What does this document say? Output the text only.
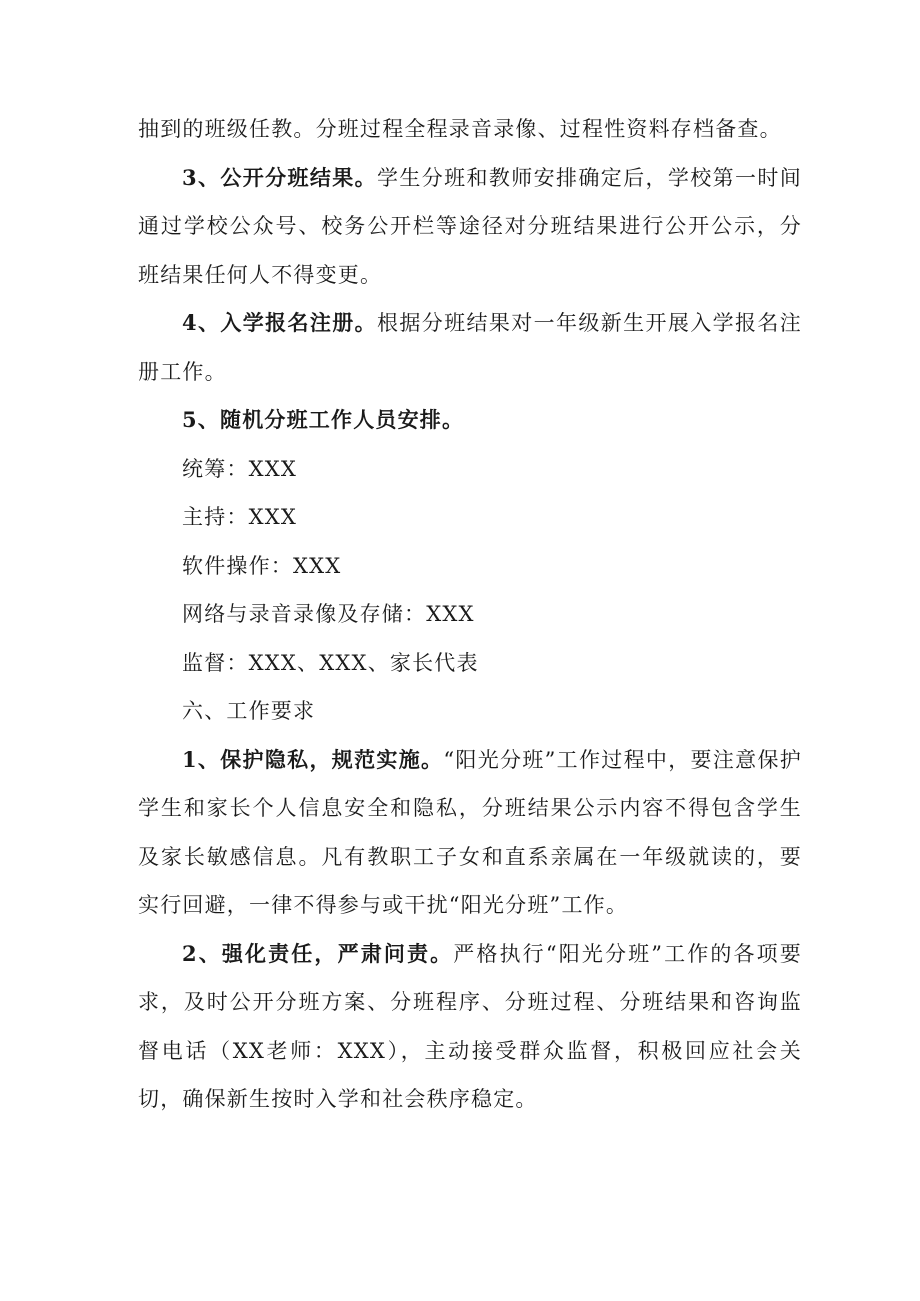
抽到的班级任教。分班过程全程录音录像、过程性资料存档备查。

3、公开分班结果。学生分班和教师安排确定后，学校第一时间通过学校公众号、校务公开栏等途径对分班结果进行公开公示，分班结果任何人不得变更。

4、入学报名注册。根据分班结果对一年级新生开展入学报名注册工作。

5、随机分班工作人员安排。

统筹：XXX

主持：XXX

软件操作：XXX

网络与录音录像及存储：XXX

监督：XXX、XXX、家长代表

六、工作要求

1、保护隐私，规范实施。“阳光分班”工作过程中，要注意保护学生和家长个人信息安全和隐私，分班结果公示内容不得包含学生及家长敏感信息。凡有教职工子女和直系亲属在一年级就读的，要实行回避，一律不得参与或干扰“阳光分班”工作。

2、强化责任，严肃问责。严格执行“阳光分班”工作的各项要求，及时公开分班方案、分班程序、分班过程、分班结果和咨询监督电话（XX老师：XXX），主动接受群众监督，积极回应社会关切，确保新生按时入学和社会秩序稳定。
